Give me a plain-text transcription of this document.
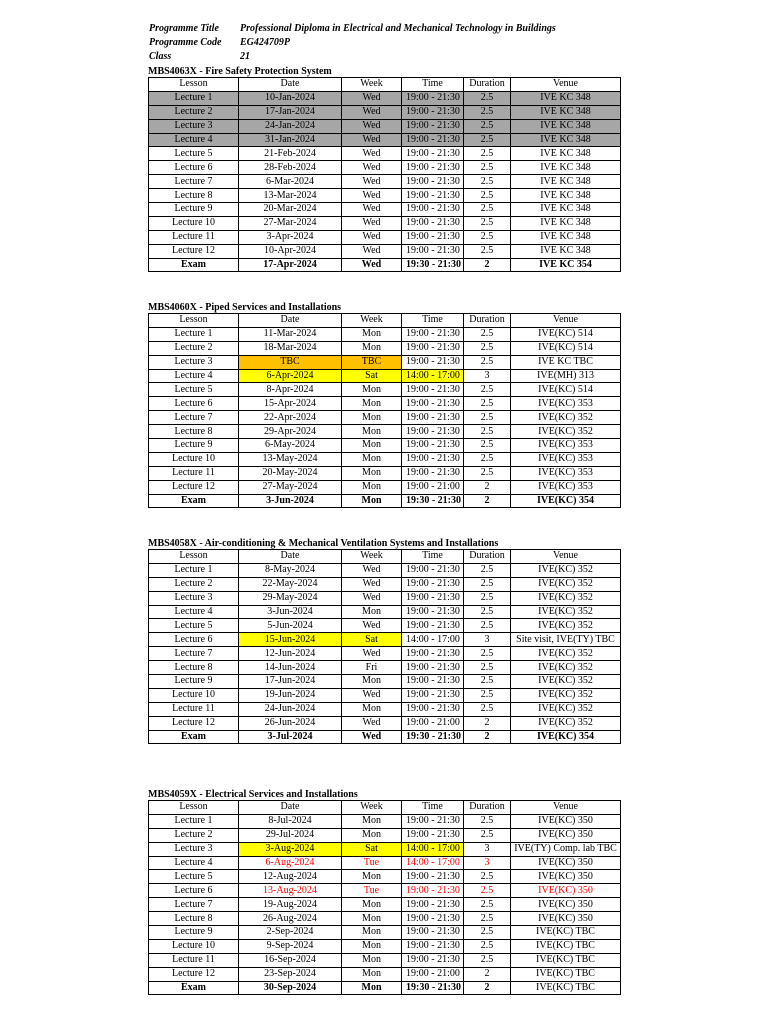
Programme Title	Professional Diploma in Electrical and Mechanical Technology in Buildings
Programme Code	EG424709P
Class	21
MBS4063X - Fire Safety Protection System
Lesson	Date	Week	Time	Duration	Venue
Lecture 1	10-Jan-2024	Wed	19:00 - 21:30	2.5	IVE KC 348
Lecture 2	17-Jan-2024	Wed	19:00 - 21:30	2.5	IVE KC 348
Lecture 3	24-Jan-2024	Wed	19:00 - 21:30	2.5	IVE KC 348
Lecture 4	31-Jan-2024	Wed	19:00 - 21:30	2.5	IVE KC 348
Lecture 5	21-Feb-2024	Wed	19:00 - 21:30	2.5	IVE KC 348
Lecture 6	28-Feb-2024	Wed	19:00 - 21:30	2.5	IVE KC 348
Lecture 7	6-Mar-2024	Wed	19:00 - 21:30	2.5	IVE KC 348
Lecture 8	13-Mar-2024	Wed	19:00 - 21:30	2.5	IVE KC 348
Lecture 9	20-Mar-2024	Wed	19:00 - 21:30	2.5	IVE KC 348
Lecture 10	27-Mar-2024	Wed	19:00 - 21:30	2.5	IVE KC 348
Lecture 11	3-Apr-2024	Wed	19:00 - 21:30	2.5	IVE KC 348
Lecture 12	10-Apr-2024	Wed	19:00 - 21:30	2.5	IVE KC 348
Exam	17-Apr-2024	Wed	19:30 - 21:30	2	IVE KC 354
MBS4060X - Piped Services and Installations
Lesson	Date	Week	Time	Duration	Venue
Lecture 1	11-Mar-2024	Mon	19:00 - 21:30	2.5	IVE(KC) 514
Lecture 2	18-Mar-2024	Mon	19:00 - 21:30	2.5	IVE(KC) 514
Lecture 3	TBC	TBC	19:00 - 21:30	2.5	IVE KC TBC
Lecture 4	6-Apr-2024	Sat	14:00 - 17:00	3	IVE(MH) 313
Lecture 5	8-Apr-2024	Mon	19:00 - 21:30	2.5	IVE(KC) 514
Lecture 6	15-Apr-2024	Mon	19:00 - 21:30	2.5	IVE(KC) 353
Lecture 7	22-Apr-2024	Mon	19:00 - 21:30	2.5	IVE(KC) 352
Lecture 8	29-Apr-2024	Mon	19:00 - 21:30	2.5	IVE(KC) 352
Lecture 9	6-May-2024	Mon	19:00 - 21:30	2.5	IVE(KC) 353
Lecture 10	13-May-2024	Mon	19:00 - 21:30	2.5	IVE(KC) 353
Lecture 11	20-May-2024	Mon	19:00 - 21:30	2.5	IVE(KC) 353
Lecture 12	27-May-2024	Mon	19:00 - 21:00	2	IVE(KC) 353
Exam	3-Jun-2024	Mon	19:30 - 21:30	2	IVE(KC) 354
MBS4058X - Air-conditioning & Mechanical Ventilation Systems and Installations
Lesson	Date	Week	Time	Duration	Venue
Lecture 1	8-May-2024	Wed	19:00 - 21:30	2.5	IVE(KC) 352
Lecture 2	22-May-2024	Wed	19:00 - 21:30	2.5	IVE(KC) 352
Lecture 3	29-May-2024	Wed	19:00 - 21:30	2.5	IVE(KC) 352
Lecture 4	3-Jun-2024	Mon	19:00 - 21:30	2.5	IVE(KC) 352
Lecture 5	5-Jun-2024	Wed	19:00 - 21:30	2.5	IVE(KC) 352
Lecture 6	15-Jun-2024	Sat	14:00 - 17:00	3	Site visit, IVE(TY) TBC
Lecture 7	12-Jun-2024	Wed	19:00 - 21:30	2.5	IVE(KC) 352
Lecture 8	14-Jun-2024	Fri	19:00 - 21:30	2.5	IVE(KC) 352
Lecture 9	17-Jun-2024	Mon	19:00 - 21:30	2.5	IVE(KC) 352
Lecture 10	19-Jun-2024	Wed	19:00 - 21:30	2.5	IVE(KC) 352
Lecture 11	24-Jun-2024	Mon	19:00 - 21:30	2.5	IVE(KC) 352
Lecture 12	26-Jun-2024	Wed	19:00 - 21:00	2	IVE(KC) 352
Exam	3-Jul-2024	Wed	19:30 - 21:30	2	IVE(KC) 354
MBS4059X - Electrical Services and Installations
Lesson	Date	Week	Time	Duration	Venue
Lecture 1	8-Jul-2024	Mon	19:00 - 21:30	2.5	IVE(KC) 350
Lecture 2	29-Jul-2024	Mon	19:00 - 21:30	2.5	IVE(KC) 350
Lecture 3	3-Aug-2024	Sat	14:00 - 17:00	3	IVE(TY) Comp. lab TBC
Lecture 4	6-Aug-2024	Tue	14:00 - 17:00	3	IVE(KC) 350
Lecture 5	12-Aug-2024	Mon	19:00 - 21:30	2.5	IVE(KC) 350
Lecture 6	13-Aug-2024	Tue	19:00 - 21:30	2.5	IVE(KC) 350
Lecture 7	19-Aug-2024	Mon	19:00 - 21:30	2.5	IVE(KC) 350
Lecture 8	26-Aug-2024	Mon	19:00 - 21:30	2.5	IVE(KC) 350
Lecture 9	2-Sep-2024	Mon	19:00 - 21:30	2.5	IVE(KC) TBC
Lecture 10	9-Sep-2024	Mon	19:00 - 21:30	2.5	IVE(KC) TBC
Lecture 11	16-Sep-2024	Mon	19:00 - 21:30	2.5	IVE(KC) TBC
Lecture 12	23-Sep-2024	Mon	19:00 - 21:00	2	IVE(KC) TBC
Exam	30-Sep-2024	Mon	19:30 - 21:30	2	IVE(KC) TBC
